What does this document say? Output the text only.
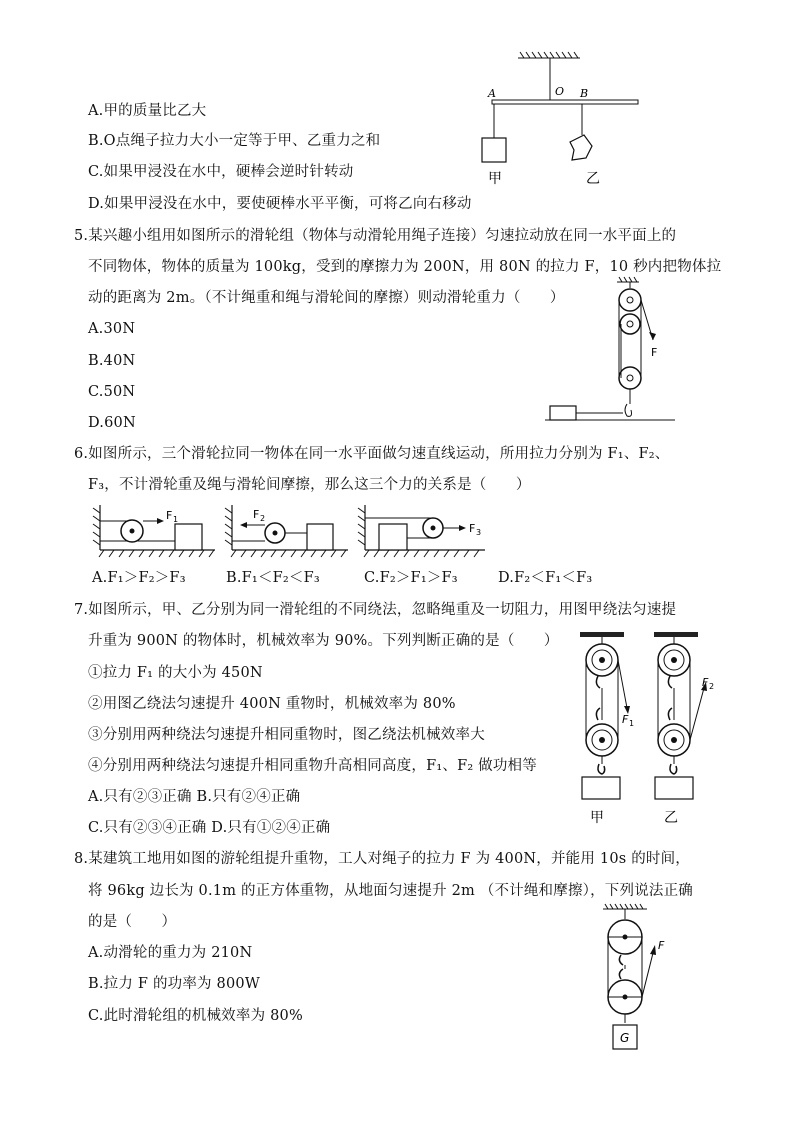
A.甲的质量比乙大
B.O点绳子拉力大小一定等于甲、乙重力之和
C.如果甲浸没在水中，硬棒会逆时针转动
D.如果甲浸没在水中，要使硬棒水平平衡，可将乙向右移动
A	O B
甲	乙
5.某兴趣小组用如图所示的滑轮组（物体与动滑轮用绳子连接）匀速拉动放在同一水平面上的
不同物体，物体的质量为 100kg，受到的摩擦力为 200N，用 80N 的拉力 F，10 秒内把物体拉
动的距离为 2m。（不计绳重和绳与滑轮间的摩擦）则动滑轮重力（　　）
A.30N
B.40N
C.50N
D.60N
F
6.如图所示，三个滑轮拉同一物体在同一水平面做匀速直线运动，所用拉力分别为 F₁、F₂、
F₃，不计滑轮重及绳与滑轮间摩擦，那么这三个力的关系是（　　）
F 1	F 2
F 3
A.F₁＞F₂＞F₃	B.F₁＜F₂＜F₃	C.F₂＞F₁＞F₃	D.F₂＜F₁＜F₃
7.如图所示，甲、乙分别为同一滑轮组的不同绕法，忽略绳重及一切阻力，用图甲绕法匀速提
升重为 900N 的物体时，机械效率为 90%。下列判断正确的是（　　）
①拉力 F₁ 的大小为 450N
②用图乙绕法匀速提升 400N 重物时，机械效率为 80%
③分别用两种绕法匀速提升相同重物时，图乙绕法机械效率大
④分别用两种绕法匀速提升相同重物升高相同高度，F₁、F₂ 做功相等
A.只有②③正确 B.只有②④正确
C.只有②③④正确 D.只有①②④正确
F 1
甲
F 2
乙
8.某建筑工地用如图的游轮组提升重物，工人对绳子的拉力 F 为 400N，并能用 10s 的时间，
将 96kg 边长为 0.1m 的正方体重物，从地面匀速提升 2m （不计绳和摩擦），下列说法正确
的是（　　）
A.动滑轮的重力为 210N
B.拉力 F 的功率为 800W
C.此时滑轮组的机械效率为 80%
F
G
